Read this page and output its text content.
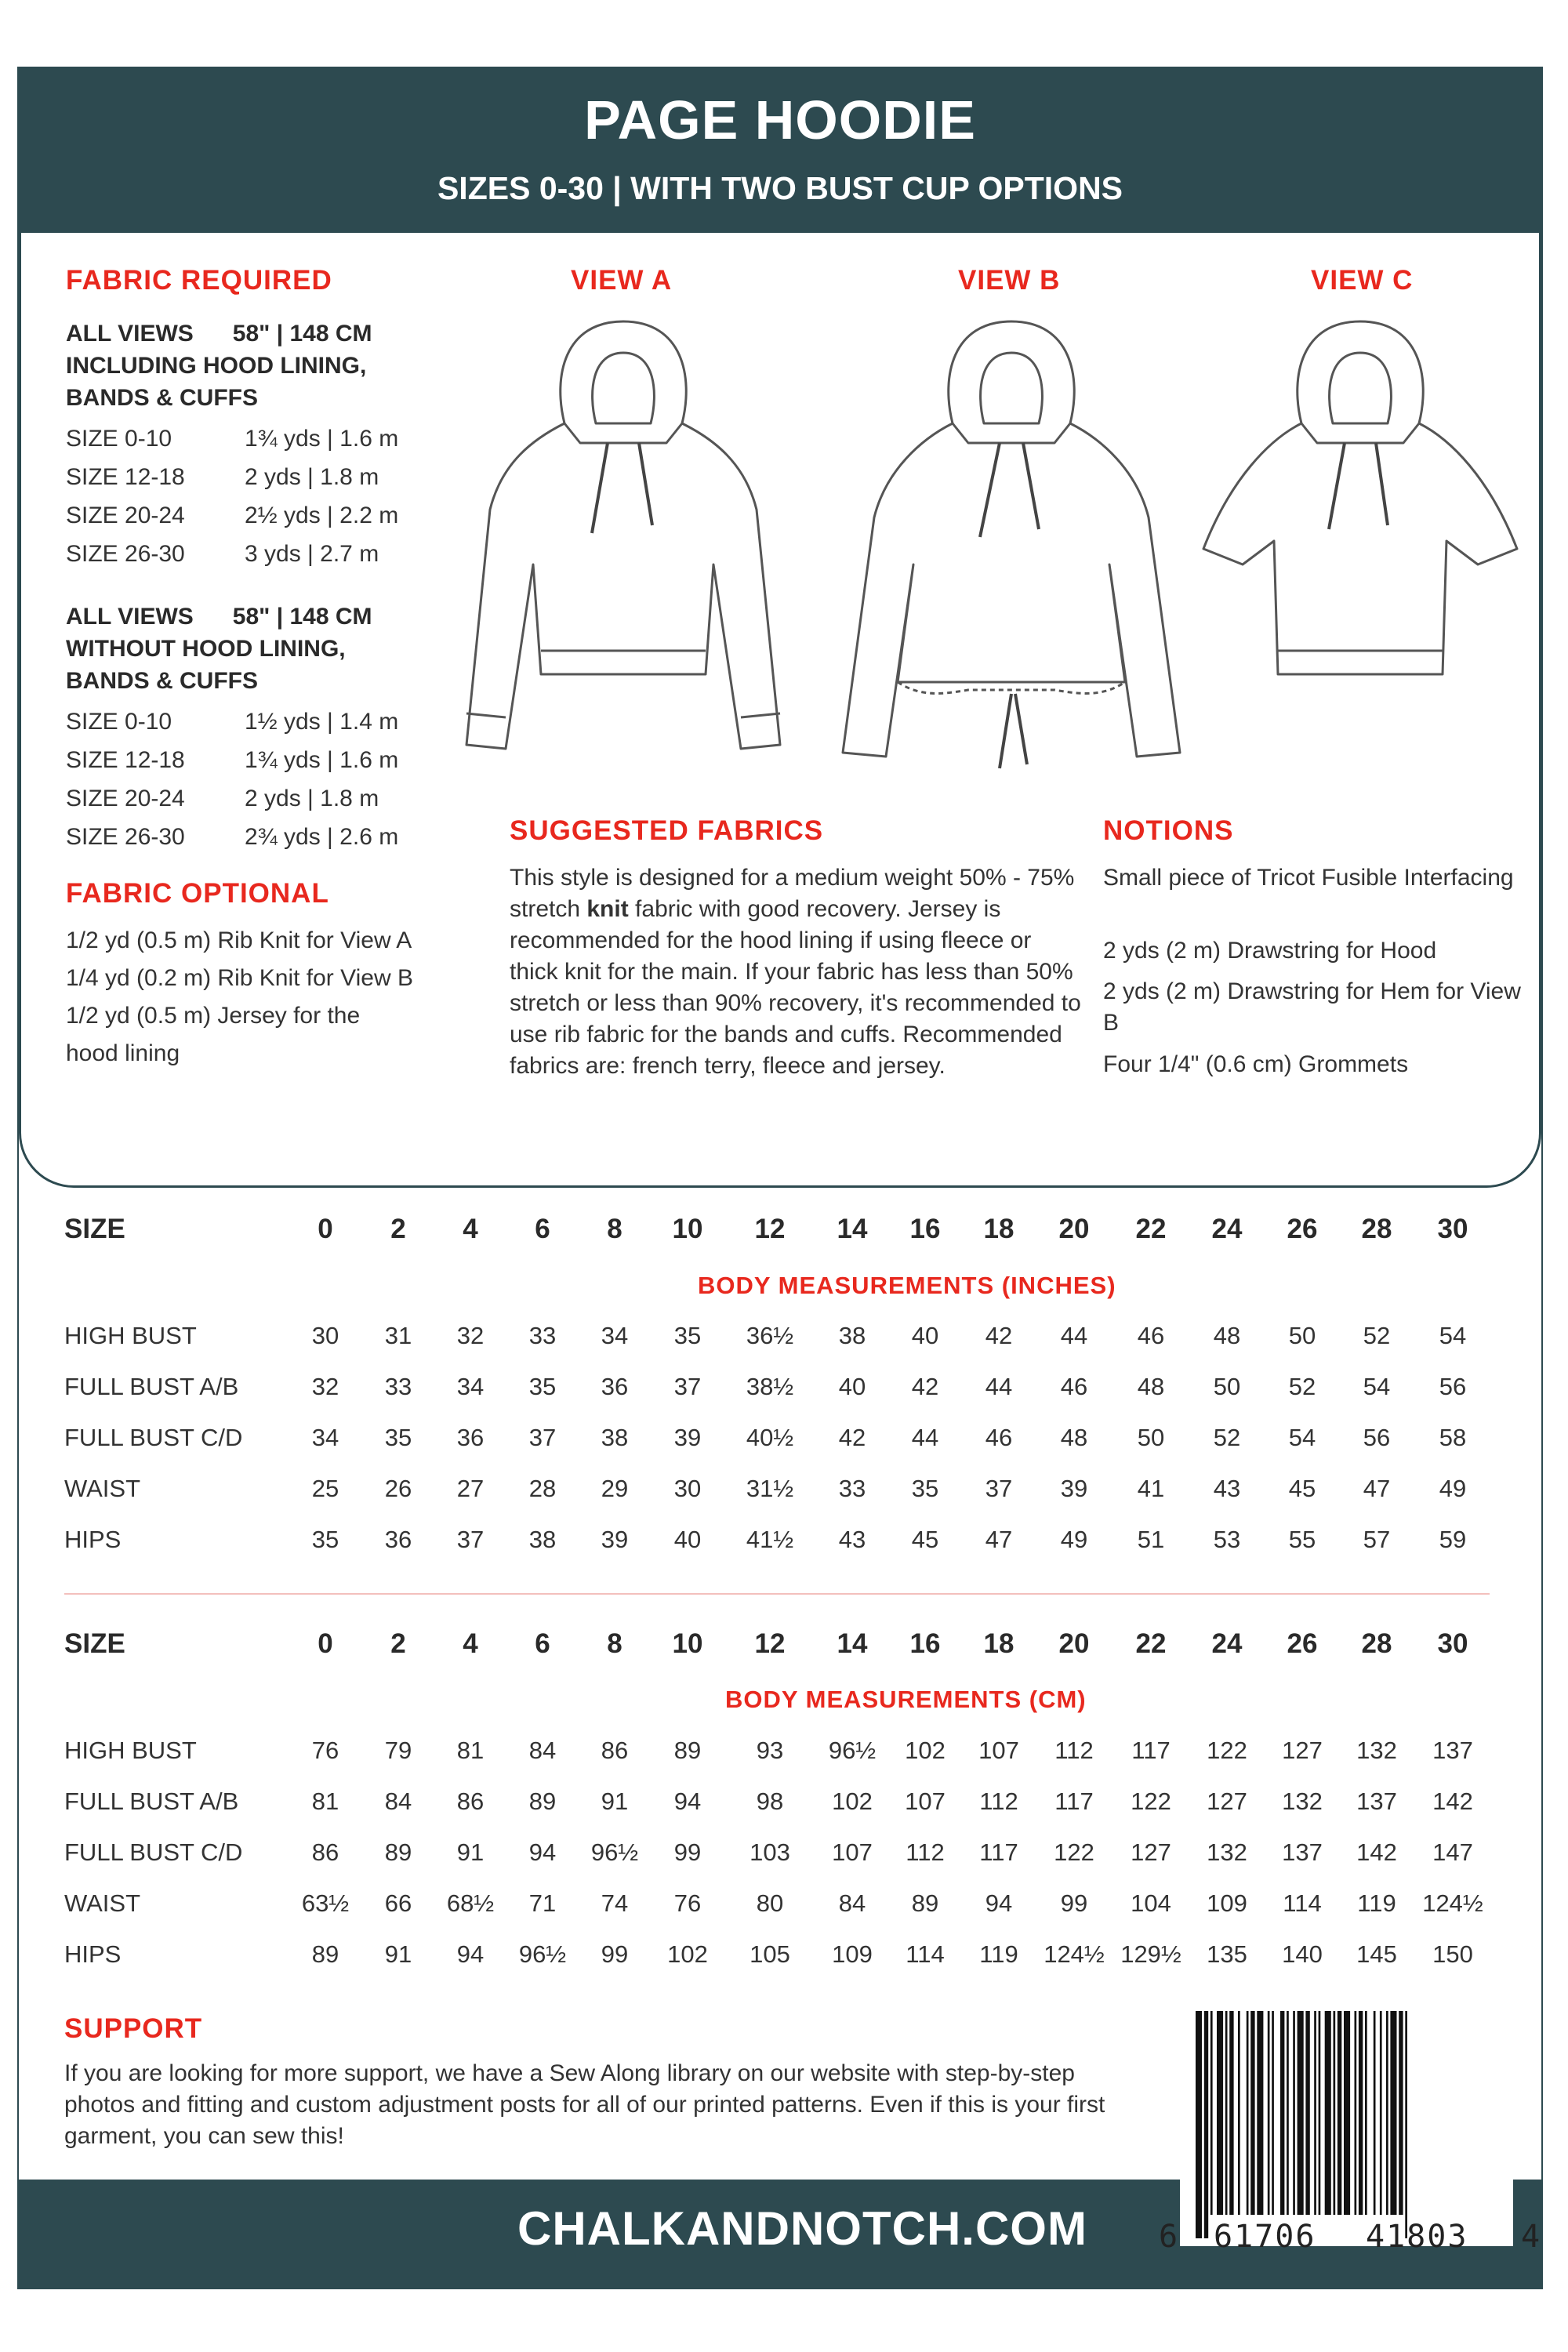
PAGE HOODIE
SIZES 0-30 | WITH TWO BUST CUP OPTIONS
FABRIC REQUIRED
ALL VIEWS      58" | 148 CM
INCLUDING HOOD LINING,
BANDS & CUFFS
SIZE 0-10	1¾ yds | 1.6 m
SIZE 12-18	2 yds | 1.8 m
SIZE 20-24	2½ yds | 2.2 m
SIZE 26-30	3 yds | 2.7 m
ALL VIEWS      58" | 148 CM
WITHOUT HOOD LINING,
BANDS & CUFFS
SIZE 0-10	1½ yds | 1.4 m
SIZE 12-18	1¾ yds | 1.6 m
SIZE 20-24	2 yds | 1.8 m
SIZE 26-30	2¾ yds | 2.6 m
FABRIC OPTIONAL
1/2 yd (0.5 m) Rib Knit for View A
1/4 yd (0.2 m) Rib Knit for View B
1/2 yd (0.5 m) Jersey for the
hood lining
VIEW A	VIEW B	VIEW C
SUGGESTED FABRICS
This style is designed for a medium weight 50% - 75% stretch knit fabric with good recovery. Jersey is recommended for the hood lining if using fleece or thick knit for the main. If your fabric has less than 50% stretch or less than 90% recovery, it's recommended to use rib fabric for the bands and cuffs. Recommended fabrics are: french terry, fleece and jersey.
NOTIONS
Small piece of Tricot Fusible Interfacing
2 yds (2 m) Drawstring for Hood
2 yds (2 m) Drawstring for Hem for View B
Four 1/4" (0.6 cm) Grommets
SIZE	0	2	4	6	8	10	12	14	16	18	20	22	24	26	28	30
BODY MEASUREMENTS (INCHES)
HIGH BUST	30	31	32	33	34	35	36½	38	40	42	44	46	48	50	52	54
FULL BUST A/B	32	33	34	35	36	37	38½	40	42	44	46	48	50	52	54	56
FULL BUST C/D	34	35	36	37	38	39	40½	42	44	46	48	50	52	54	56	58
WAIST	25	26	27	28	29	30	31½	33	35	37	39	41	43	45	47	49
HIPS	35	36	37	38	39	40	41½	43	45	47	49	51	53	55	57	59
SIZE	0	2	4	6	8	10	12	14	16	18	20	22	24	26	28	30
BODY MEASUREMENTS (CM)
HIGH BUST	76	79	81	84	86	89	93	96½	102	107	112	117	122	127	132	137
FULL BUST A/B	81	84	86	89	91	94	98	102	107	112	117	122	127	132	137	142
FULL BUST C/D	86	89	91	94	96½	99	103	107	112	117	122	127	132	137	142	147
WAIST	63½	66	68½	71	74	76	80	84	89	94	99	104	109	114	119	124½
HIPS	89	91	94	96½	99	102	105	109	114	119	124½ 129½	135	140	145	150
SUPPORT
If you are looking for more support, we have a Sew Along library on our website with step-by-step photos and fitting and custom adjustment posts for all of our printed patterns. Even if this is your first garment, you can sew this!
CHALKANDNOTCH.COM 6 61706 41803 4
